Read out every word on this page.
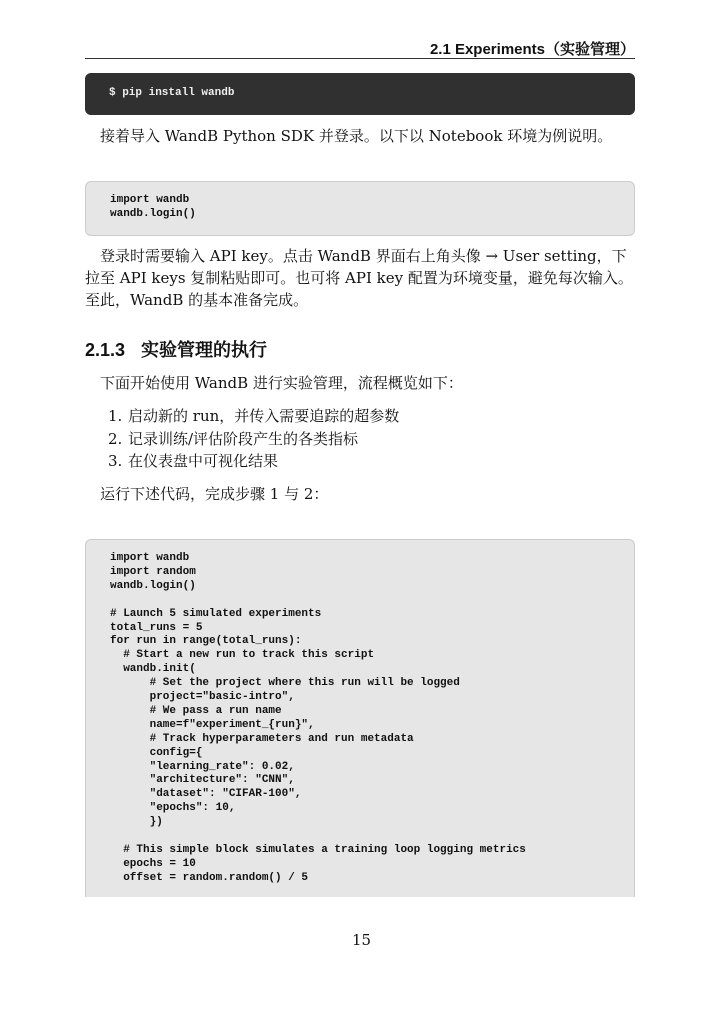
2.1 Experiments（实验管理）
$ pip install wandb
接着导入 WandB Python SDK 并登录。以下以 Notebook 环境为例说明。
import wandb
wandb.login()
登录时需要输入 API key。点击 WandB 界面右上角头像 → User setting，下拉至 API keys 复制粘贴即可。也可将 API key 配置为环境变量，避免每次输入。至此，WandB 的基本准备完成。
2.1.3 实验管理的执行
下面开始使用 WandB 进行实验管理，流程概览如下：
1. 启动新的 run，并传入需要追踪的超参数
2. 记录训练/评估阶段产生的各类指标
3. 在仪表盘中可视化结果
运行下述代码，完成步骤 1 与 2：
import wandb
import random
wandb.login()
# Launch 5 simulated experiments
total_runs = 5
for run in range(total_runs):
# Start a new run to track this script
wandb.init(
# Set the project where this run will be logged
project="basic-intro",
# We pass a run name
name=f"experiment_{run}",
# Track hyperparameters and run metadata
config={
"learning_rate": 0.02,
"architecture": "CNN",
"dataset": "CIFAR-100",
"epochs": 10,
})
# This simple block simulates a training loop logging metrics
epochs = 10
offset = random.random() / 5
15
